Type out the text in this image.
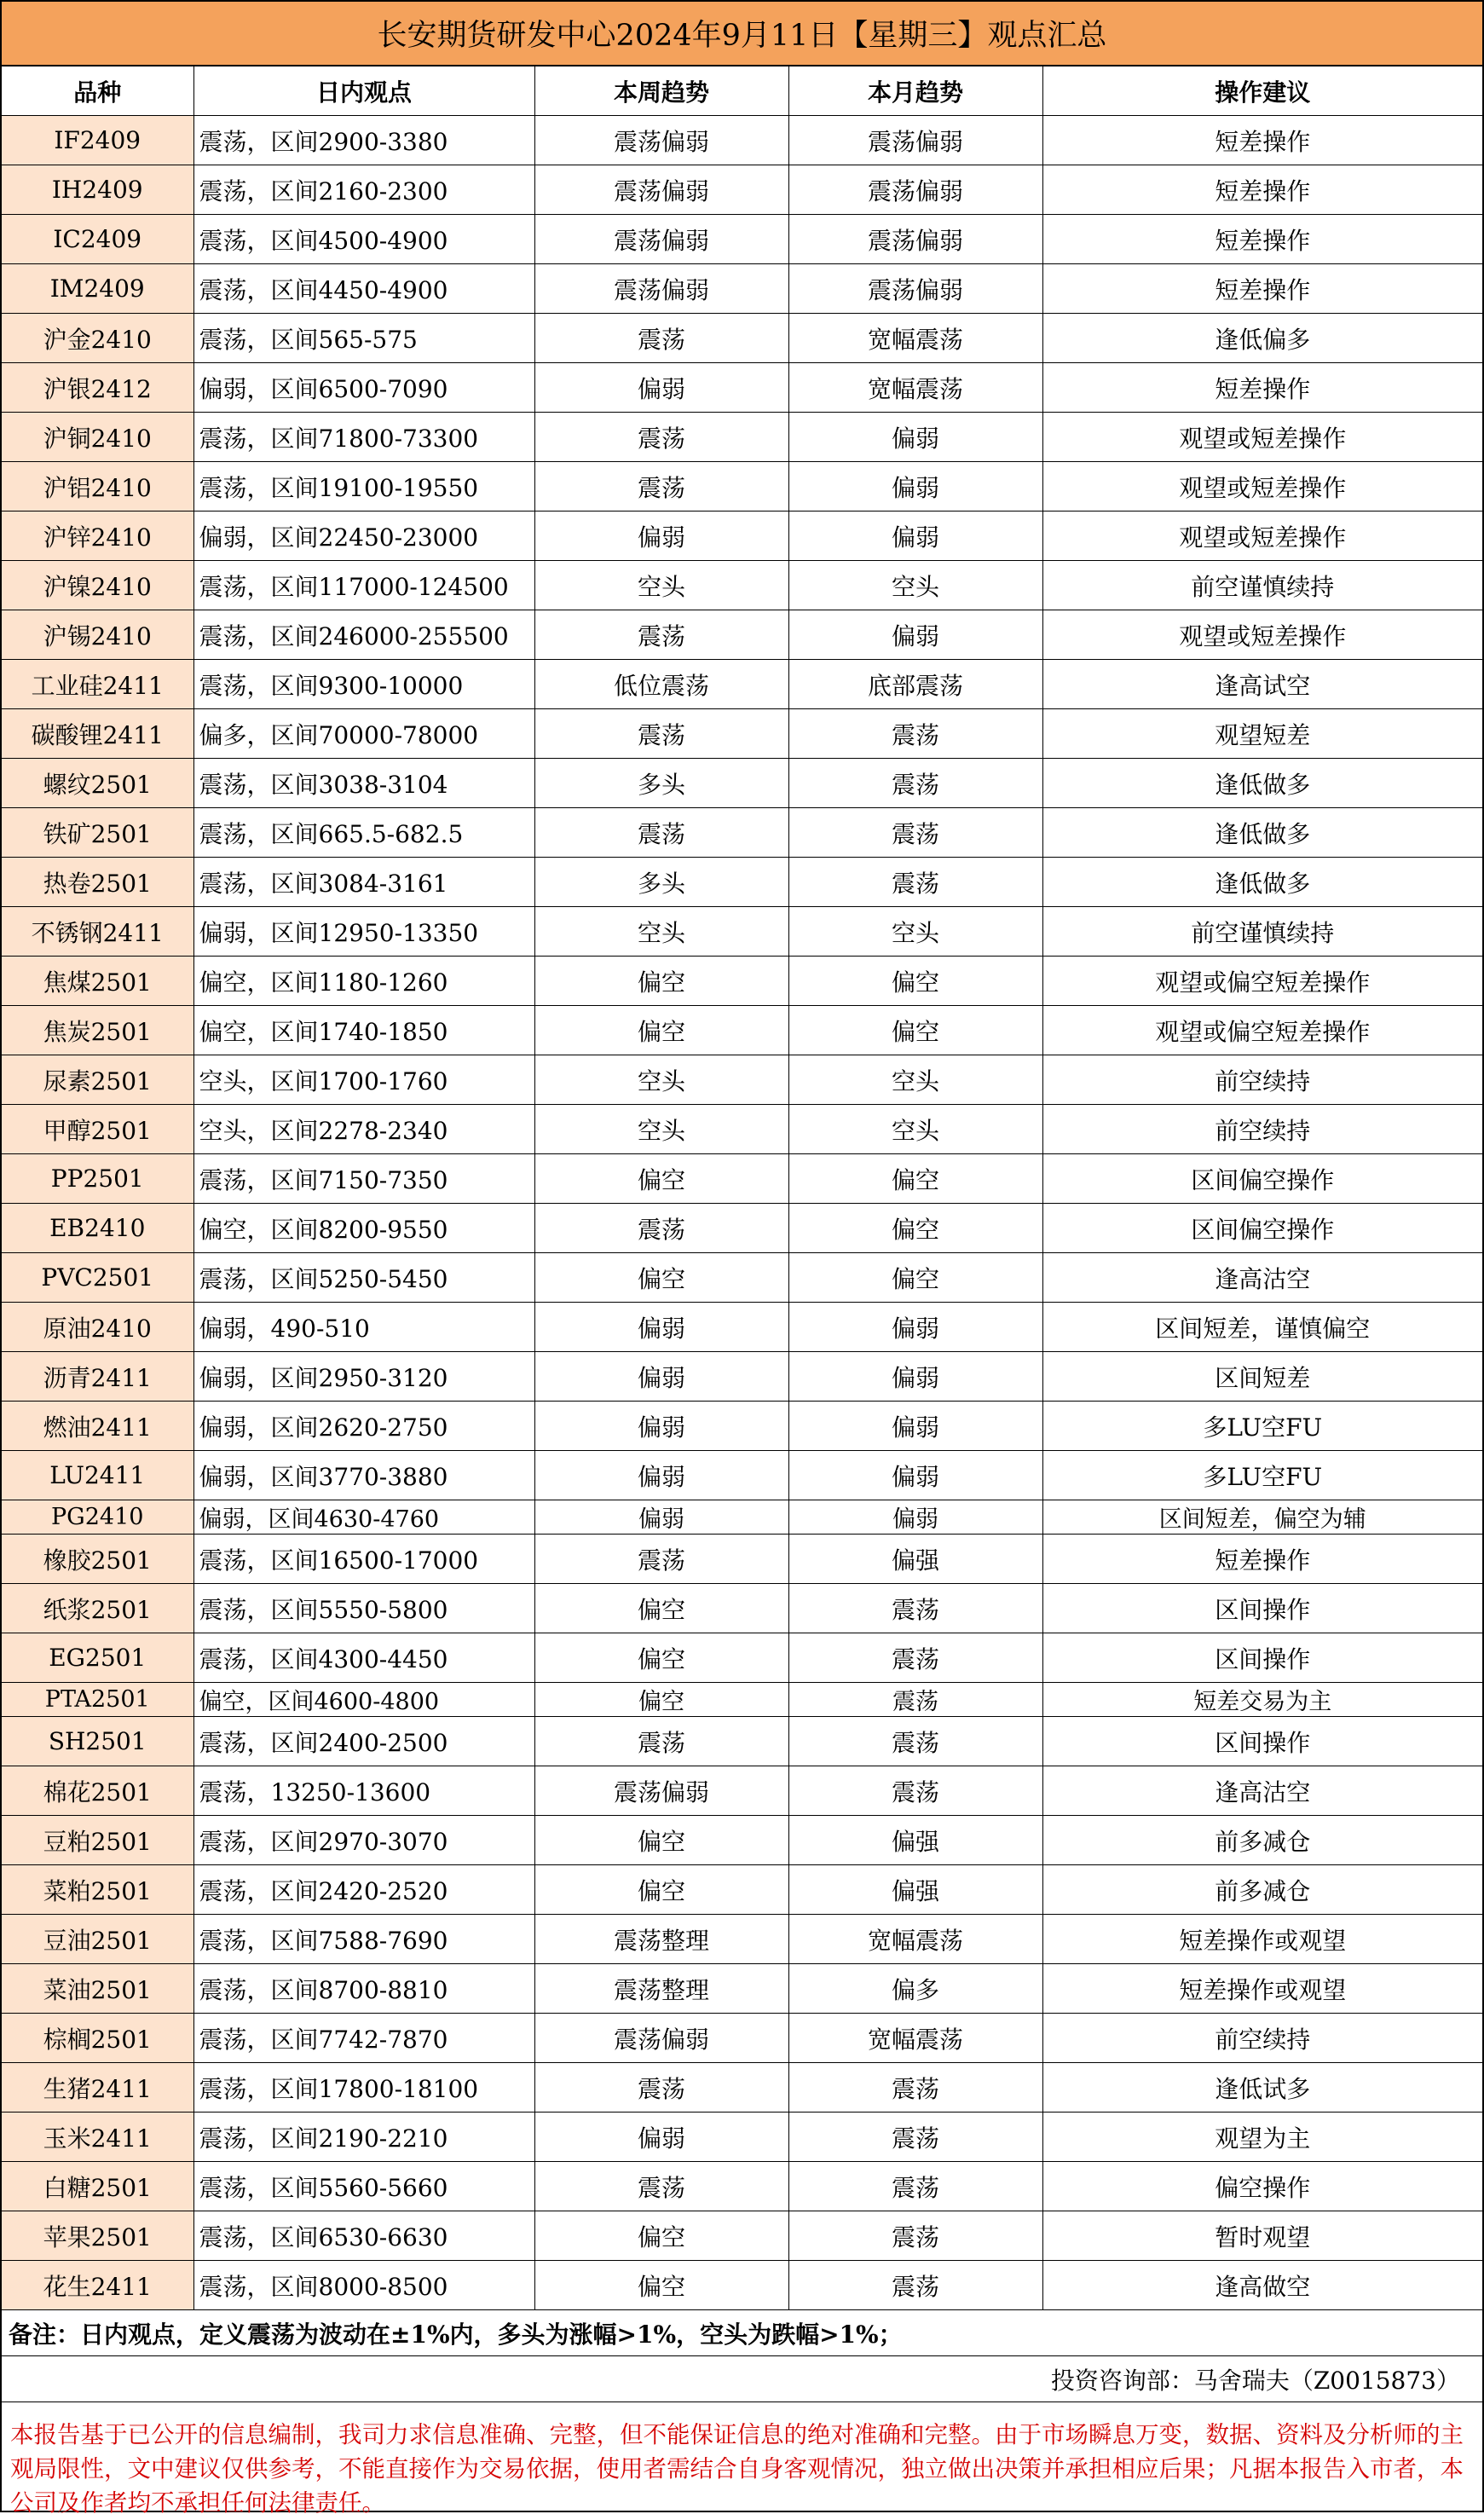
长安期货研发中心2024年9月11日【星期三】观点汇总
品种	日内观点	本周趋势	本月趋势	操作建议
IF2409	震荡，区间2900-3380	震荡偏弱	震荡偏弱	短差操作
IH2409	震荡，区间2160-2300	震荡偏弱	震荡偏弱	短差操作
IC2409	震荡，区间4500-4900	震荡偏弱	震荡偏弱	短差操作
IM2409	震荡，区间4450-4900	震荡偏弱	震荡偏弱	短差操作
沪金2410	震荡，区间565-575	震荡	宽幅震荡	逢低偏多
沪银2412	偏弱，区间6500-7090	偏弱	宽幅震荡	短差操作
沪铜2410	震荡，区间71800-73300	震荡	偏弱	观望或短差操作
沪铝2410	震荡，区间19100-19550	震荡	偏弱	观望或短差操作
沪锌2410	偏弱，区间22450-23000	偏弱	偏弱	观望或短差操作
沪镍2410	震荡，区间117000-124500	空头	空头	前空谨慎续持
沪锡2410	震荡，区间246000-255500	震荡	偏弱	观望或短差操作
工业硅2411	震荡，区间9300-10000	低位震荡	底部震荡	逢高试空
碳酸锂2411	偏多，区间70000-78000	震荡	震荡	观望短差
螺纹2501	震荡，区间3038-3104	多头	震荡	逢低做多
铁矿2501	震荡，区间665.5-682.5	震荡	震荡	逢低做多
热卷2501	震荡，区间3084-3161	多头	震荡	逢低做多
不锈钢2411	偏弱，区间12950-13350	空头	空头	前空谨慎续持
焦煤2501	偏空，区间1180-1260	偏空	偏空	观望或偏空短差操作
焦炭2501	偏空，区间1740-1850	偏空	偏空	观望或偏空短差操作
尿素2501	空头，区间1700-1760	空头	空头	前空续持
甲醇2501	空头，区间2278-2340	空头	空头	前空续持
PP2501	震荡，区间7150-7350	偏空	偏空	区间偏空操作
EB2410	偏空，区间8200-9550	震荡	偏空	区间偏空操作
PVC2501	震荡，区间5250-5450	偏空	偏空	逢高沽空
原油2410	偏弱，490-510	偏弱	偏弱	区间短差，谨慎偏空
沥青2411	偏弱，区间2950-3120	偏弱	偏弱	区间短差
燃油2411	偏弱，区间2620-2750	偏弱	偏弱	多LU空FU
LU2411	偏弱，区间3770-3880	偏弱	偏弱	多LU空FU
PG2410	偏弱，区间4630-4760	偏弱	偏弱	区间短差，偏空为辅
橡胶2501	震荡，区间16500-17000	震荡	偏强	短差操作
纸浆2501	震荡，区间5550-5800	偏空	震荡	区间操作
EG2501	震荡，区间4300-4450	偏空	震荡	区间操作
PTA2501	偏空，区间4600-4800	偏空	震荡	短差交易为主
SH2501	震荡，区间2400-2500	震荡	震荡	区间操作
棉花2501	震荡，13250-13600	震荡偏弱	震荡	逢高沽空
豆粕2501	震荡，区间2970-3070	偏空	偏强	前多减仓
菜粕2501	震荡，区间2420-2520	偏空	偏强	前多减仓
豆油2501	震荡，区间7588-7690	震荡整理	宽幅震荡	短差操作或观望
菜油2501	震荡，区间8700-8810	震荡整理	偏多	短差操作或观望
棕榈2501	震荡，区间7742-7870	震荡偏弱	宽幅震荡	前空续持
生猪2411	震荡，区间17800-18100	震荡	震荡	逢低试多
玉米2411	震荡，区间2190-2210	偏弱	震荡	观望为主
白糖2501	震荡，区间5560-5660	震荡	震荡	偏空操作
苹果2501	震荡，区间6530-6630	偏空	震荡	暂时观望
花生2411	震荡，区间8000-8500	偏空	震荡	逢高做空
备注：日内观点，定义震荡为波动在±1%内，多头为涨幅>1%，空头为跌幅>1%；
投资咨询部：马舍瑞夫（Z0015873）
本报告基于已公开的信息编制，我司力求信息准确、完整，但不能保证信息的绝对准确和完整。由于市场瞬息万变，数据、资料及分析师的主观局限性，文中建议仅供参考，不能直接作为交易依据，使用者需结合自身客观情况，独立做出决策并承担相应后果；凡据本报告入市者，本公司及作者均不承担任何法律责任。
